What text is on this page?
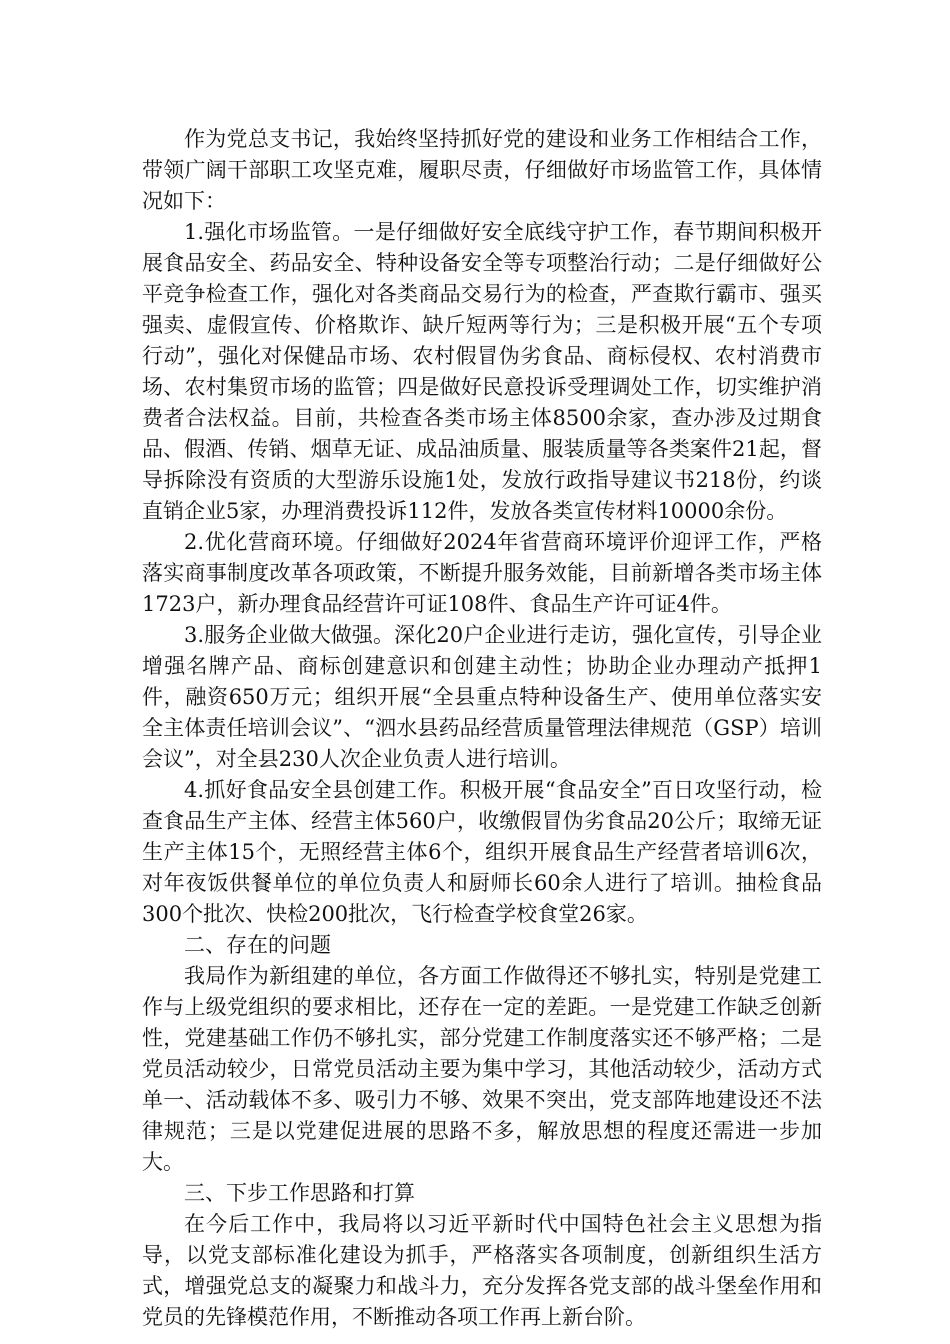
作为党总支书记，我始终坚持抓好党的建设和业务工作相结合工作，带领广阔干部职工攻坚克难，履职尽责，仔细做好市场监管工作，具体情况如下：

1.强化市场监管。一是仔细做好安全底线守护工作，春节期间积极开展食品安全、药品安全、特种设备安全等专项整治行动；二是仔细做好公平竞争检查工作，强化对各类商品交易行为的检查，严查欺行霸市、强买强卖、虚假宣传、价格欺诈、缺斤短两等行为；三是积极开展“五个专项行动”，强化对保健品市场、农村假冒伪劣食品、商标侵权、农村消费市场、农村集贸市场的监管；四是做好民意投诉受理调处工作，切实维护消费者合法权益。目前，共检查各类市场主体8500余家，查办涉及过期食品、假酒、传销、烟草无证、成品油质量、服装质量等各类案件21起，督导拆除没有资质的大型游乐设施1处，发放行政指导建议书218份，约谈直销企业5家，办理消费投诉112件，发放各类宣传材料10000余份。

2.优化营商环境。仔细做好2024年省营商环境评价迎评工作，严格落实商事制度改革各项政策，不断提升服务效能，目前新增各类市场主体1723户，新办理食品经营许可证108件、食品生产许可证4件。

3.服务企业做大做强。深化20户企业进行走访，强化宣传，引导企业增强名牌产品、商标创建意识和创建主动性；协助企业办理动产抵押1件，融资650万元；组织开展“全县重点特种设备生产、使用单位落实安全主体责任培训会议”、“泗水县药品经营质量管理法律规范（GSP）培训会议”，对全县230人次企业负责人进行培训。

4.抓好食品安全县创建工作。积极开展“食品安全”百日攻坚行动，检查食品生产主体、经营主体560户，收缴假冒伪劣食品20公斤；取缔无证生产主体15个，无照经营主体6个，组织开展食品生产经营者培训6次，对年夜饭供餐单位的单位负责人和厨师长60余人进行了培训。抽检食品300个批次、快检200批次，飞行检查学校食堂26家。

二、存在的问题

我局作为新组建的单位，各方面工作做得还不够扎实，特别是党建工作与上级党组织的要求相比，还存在一定的差距。一是党建工作缺乏创新性，党建基础工作仍不够扎实，部分党建工作制度落实还不够严格；二是党员活动较少，日常党员活动主要为集中学习，其他活动较少，活动方式单一、活动载体不多、吸引力不够、效果不突出，党支部阵地建设还不法律规范；三是以党建促进展的思路不多，解放思想的程度还需进一步加大。

三、下步工作思路和打算

在今后工作中，我局将以习近平新时代中国特色社会主义思想为指导，以党支部标准化建设为抓手，严格落实各项制度，创新组织生活方式，增强党总支的凝聚力和战斗力，充分发挥各党支部的战斗堡垒作用和党员的先锋模范作用，不断推动各项工作再上新台阶。
